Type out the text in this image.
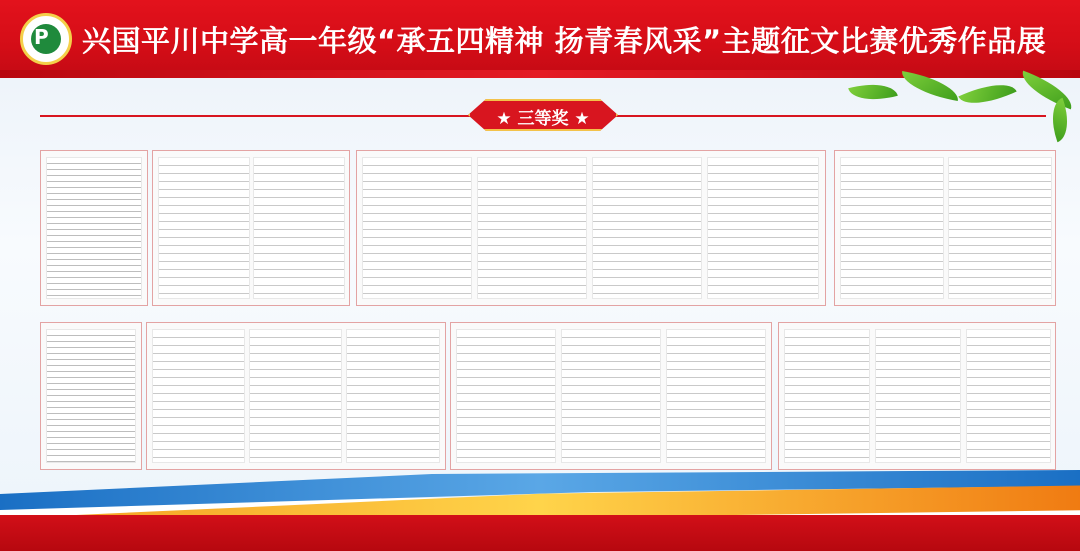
P 兴国平川中学高一年级“承五四精神 扬青春风采”主题征文比赛优秀作品展
★ 三等奖 ★
